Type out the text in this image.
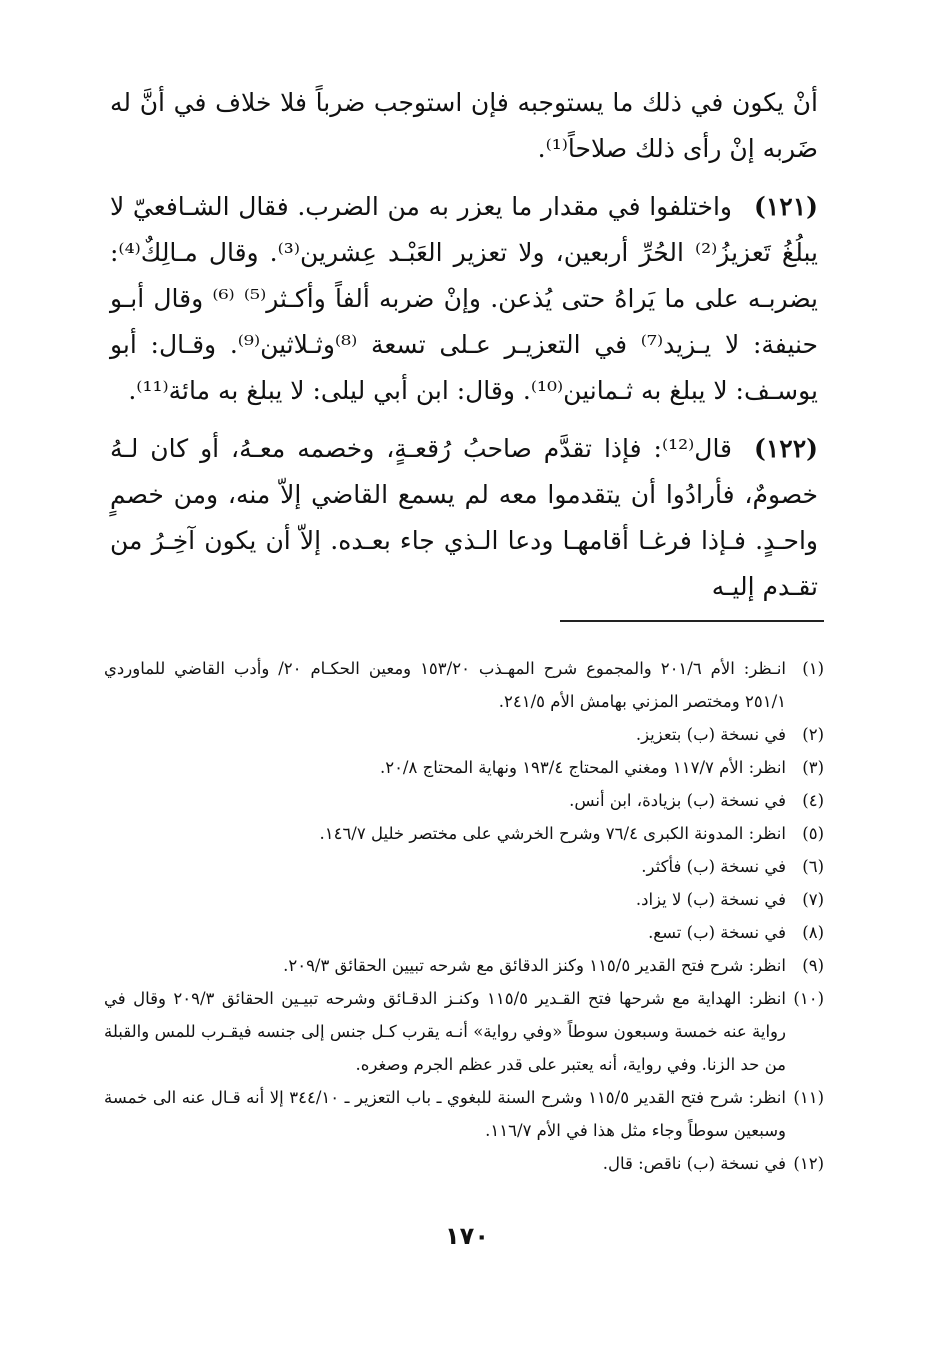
أنْ يكون في ذلك ما يستوجبه فإن استوجب ضرباً فلا خلاف في أنَّ له ضَربه إنْ رأى ذلك صلاحاً⁽¹⁾.

(١٢١)واختلفوا في مقدار ما يعزر به من الضرب. فقال الشـافعيّ لا يبلُغُ تَعزيزُ⁽²⁾ الحُرِّ أربعين، ولا تعزير العَبْـد عِشرين⁽³⁾. وقال مـالِكٌ⁽⁴⁾: يضربـه على ما يَراهُ حتى يُذعن. وإنْ ضربه ألفاً وأكـثر⁽⁵⁾ ⁽⁶⁾ وقال أبـو حنيفة: لا يـزيد⁽⁷⁾ في التعزيـر عـلى تسعة ⁽⁸⁾وثـلاثين⁽⁹⁾. وقـال: أبو يوسـف: لا يبلغ به ثـمانين⁽¹⁰⁾. وقال: ابن أبي ليلى: لا يبلغ به مائة⁽¹¹⁾.

(١٢٢)قال⁽¹²⁾: فإذا تقدَّم صاحبُ رُقعـةٍ، وخصمه معـهُ، أو كان لـهُ خصومٌ، فأرادُوا أن يتقدموا معه لم يسمع القاضي إلاّ منه، ومن خصمٍ واحـدٍ. فـإذا فرغـا أقامهـا ودعا الـذي جاء بعـده. إلاّ أن يكون آخِـرُ من تقـدم إليـه

(١)
انـظر: الأم ٢٠١/٦ والمجموع شرح المهـذب ١٥٣/٢٠ ومعين الحكـام ٢٠/ وأدب القاضي للماوردي ٢٥١/١ ومختصر المزني بهامش الأم ٢٤١/٥.
(٢)
في نسخة (ب) بتعزيز.
(٣)
انظر: الأم ١١٧/٧ ومغني المحتاج ١٩٣/٤ ونهاية المحتاج ٢٠/٨.
(٤)
في نسخة (ب) بزيادة، ابن أنس.
(٥)
انظر: المدونة الكبرى ٧٦/٤ وشرح الخرشي على مختصر خليل ١٤٦/٧.
(٦)
في نسخة (ب) فأكثر.
(٧)
في نسخة (ب) لا يزاد.
(٨)
في نسخة (ب) تسع.
(٩)
انظر: شرح فتح القدير ١١٥/٥ وكنز الدقائق مع شرحه تبيين الحقائق ٢٠٩/٣.
(١٠)
انظر: الهداية مع شرحها فتح القـدير ١١٥/٥ وكنـز الدقـائق وشرحه تبيـين الحقائق ٢٠٩/٣ وقال في رواية عنه خمسة وسبعون سوطاً «وفي رواية» أنـه يقرب كـل جنس إلى جنسه فيقـرب للمس والقبلة من حد الزنا. وفي رواية، أنه يعتبر على قدر عظم الجرم وصغره.
(١١)
انظر: شرح فتح القدير ١١٥/٥ وشرح السنة للبغوي ـ باب التعزير ـ ٣٤٤/١٠ إلا أنه قـال عنه الى خمسة وسبعين سوطاً وجاء مثل هذا في الأم ١١٦/٧.
(١٢)
في نسخة (ب) ناقص: قال.
١٧٠
